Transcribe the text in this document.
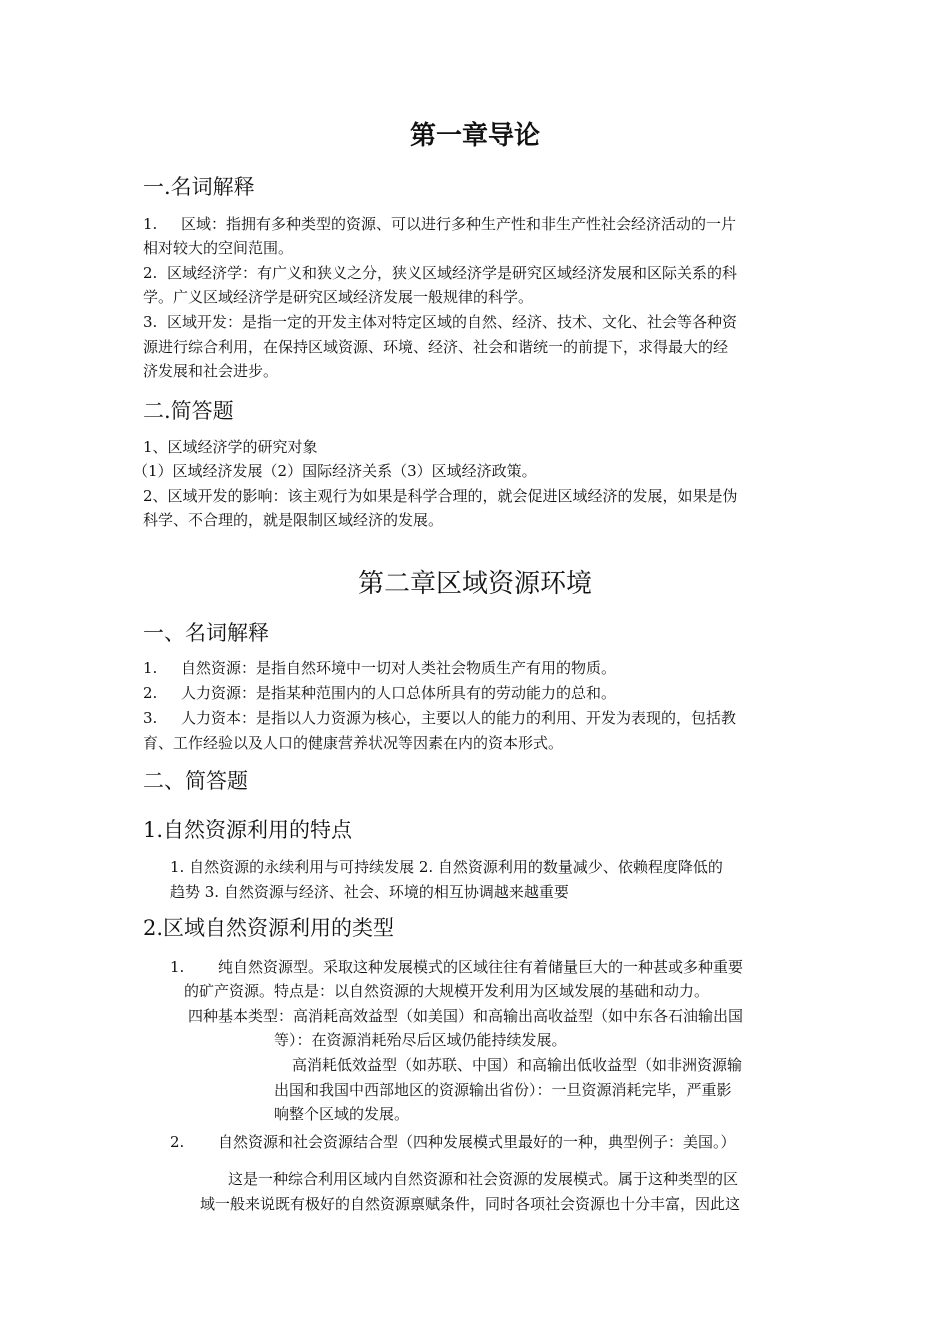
第一章导论
一.名词解释

1. 区域：指拥有多种类型的资源、可以进行多种生产性和非生产性社会经济活动的一片

相对较大的空间范围。

2. 区域经济学：有广义和狭义之分，狭义区域经济学是研究区域经济发展和区际关系的科

学。广义区域经济学是研究区域经济发展一般规律的科学。

3. 区域开发：是指一定的开发主体对特定区域的自然、经济、技术、文化、社会等各种资

源进行综合利用，在保持区域资源、环境、经济、社会和谐统一的前提下，求得最大的经

济发展和社会进步。

二.简答题

1、区域经济学的研究对象

（1）区域经济发展（2）国际经济关系（3）区域经济政策。

2、区域开发的影响：该主观行为如果是科学合理的，就会促进区域经济的发展，如果是伪

科学、不合理的，就是限制区域经济的发展。

第二章区域资源环境
一、名词解释

1. 自然资源：是指自然环境中一切对人类社会物质生产有用的物质。

2. 人力资源：是指某种范围内的人口总体所具有的劳动能力的总和。

3. 人力资本：是指以人力资源为核心，主要以人的能力的利用、开发为表现的，包括教

育、工作经验以及人口的健康营养状况等因素在内的资本形式。

二、简答题
1.自然资源利用的特点

1. 自然资源的永续利用与可持续发展 2. 自然资源利用的数量减少、依赖程度降低的

趋势 3. 自然资源与经济、社会、环境的相互协调越来越重要

2.区域自然资源利用的类型

1. 纯自然资源型。采取这种发展模式的区域往往有着储量巨大的一种甚或多种重要

的矿产资源。特点是：以自然资源的大规模开发利用为区域发展的基础和动力。

四种基本类型：高消耗高效益型（如美国）和高输出高收益型（如中东各石油输出国

等）：在资源消耗殆尽后区域仍能持续发展。

高消耗低效益型（如苏联、中国）和高输出低收益型（如非洲资源输

出国和我国中西部地区的资源输出省份）：一旦资源消耗完毕，严重影

响整个区域的发展。

2. 自然资源和社会资源结合型（四种发展模式里最好的一种，典型例子：美国。）

这是一种综合利用区域内自然资源和社会资源的发展模式。属于这种类型的区

域一般来说既有极好的自然资源禀赋条件，同时各项社会资源也十分丰富，因此这
